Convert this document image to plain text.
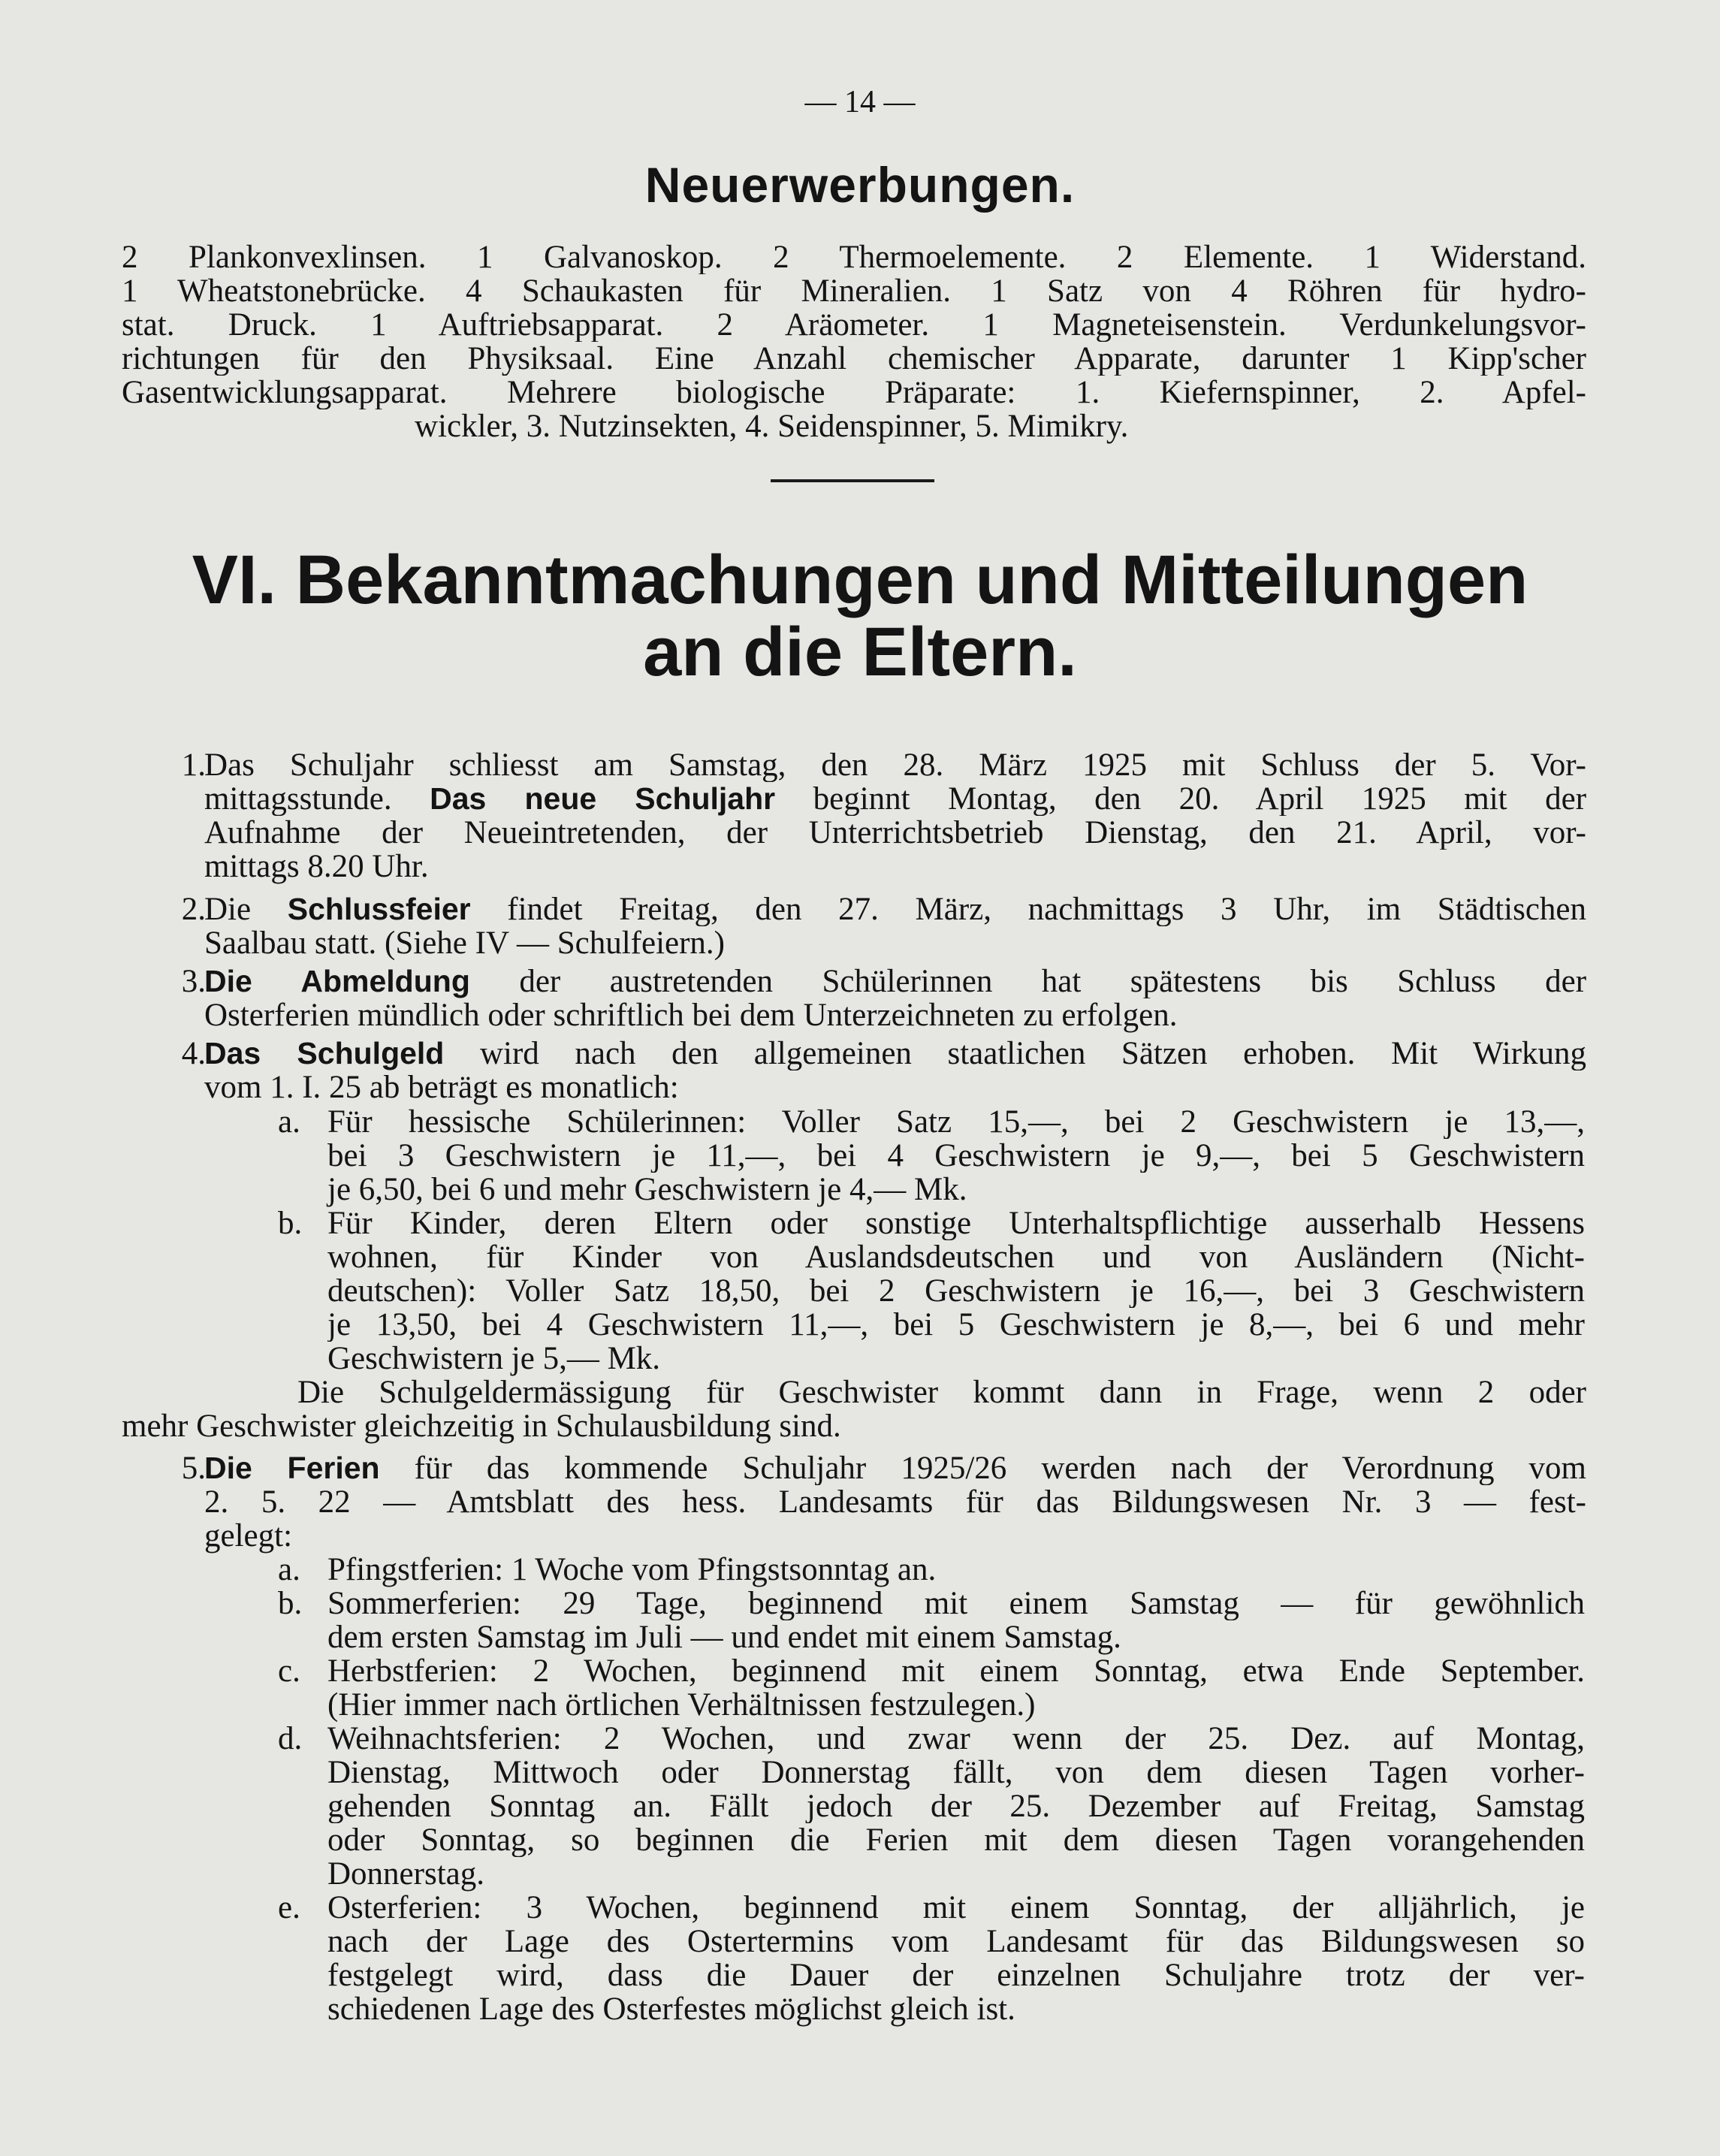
— 14 —
Neuerwerbungen.
2 Plankonvexlinsen. 1 Galvanoskop. 2 Thermoelemente. 2 Elemente. 1 Widerstand.
1 Wheatstonebrücke. 4 Schaukasten für Mineralien. 1 Satz von 4 Röhren für hydro-
stat. Druck. 1 Auftriebsapparat. 2 Aräometer. 1 Magneteisenstein. Verdunkelungsvor-
richtungen für den Physiksaal. Eine Anzahl chemischer Apparate, darunter 1 Kipp'scher
Gasentwicklungsapparat. Mehrere biologische Präparate: 1. Kiefernspinner, 2. Apfel-
wickler, 3. Nutzinsekten, 4. Seidenspinner, 5. Mimikry.
VI. Bekanntmachungen und Mitteilungen
an die Eltern.
1.
Das Schuljahr schliesst am Samstag, den 28. März 1925 mit Schluss der 5. Vor-
mittagsstunde. Das neue Schuljahr beginnt Montag, den 20. April 1925 mit der
Aufnahme der Neueintretenden, der Unterrichtsbetrieb Dienstag, den 21. April, vor-
mittags 8.20 Uhr.
2.
Die Schlussfeier findet Freitag, den 27. März, nachmittags 3 Uhr, im Städtischen
Saalbau statt. (Siehe IV — Schulfeiern.)
3.
Die Abmeldung der austretenden Schülerinnen hat spätestens bis Schluss der
Osterferien mündlich oder schriftlich bei dem Unterzeichneten zu erfolgen.
4.
Das Schulgeld wird nach den allgemeinen staatlichen Sätzen erhoben. Mit Wirkung
vom 1. I. 25 ab beträgt es monatlich:
a. Für hessische Schülerinnen: Voller Satz 15,—, bei 2 Geschwistern je 13,—,
bei 3 Geschwistern je 11,—, bei 4 Geschwistern je 9,—, bei 5 Geschwistern
je 6,50, bei 6 und mehr Geschwistern je 4,— Mk.
b. Für Kinder, deren Eltern oder sonstige Unterhaltspflichtige ausserhalb Hessens
wohnen, für Kinder von Auslandsdeutschen und von Ausländern (Nicht-
deutschen): Voller Satz 18,50, bei 2 Geschwistern je 16,—, bei 3 Geschwistern
je 13,50, bei 4 Geschwistern 11,—, bei 5 Geschwistern je 8,—, bei 6 und mehr
Geschwistern je 5,— Mk.
Die Schulgeldermässigung für Geschwister kommt dann in Frage, wenn 2 oder
mehr Geschwister gleichzeitig in Schulausbildung sind.
5.
Die Ferien für das kommende Schuljahr 1925/26 werden nach der Verordnung vom
2. 5. 22 — Amtsblatt des hess. Landesamts für das Bildungswesen Nr. 3 — fest-
gelegt:
a. Pfingstferien: 1 Woche vom Pfingstsonntag an.
b. Sommerferien: 29 Tage, beginnend mit einem Samstag — für gewöhnlich
dem ersten Samstag im Juli — und endet mit einem Samstag.
c. Herbstferien: 2 Wochen, beginnend mit einem Sonntag, etwa Ende September.
(Hier immer nach örtlichen Verhältnissen festzulegen.)
d. Weihnachtsferien: 2 Wochen, und zwar wenn der 25. Dez. auf Montag,
Dienstag, Mittwoch oder Donnerstag fällt, von dem diesen Tagen vorher-
gehenden Sonntag an. Fällt jedoch der 25. Dezember auf Freitag, Samstag
oder Sonntag, so beginnen die Ferien mit dem diesen Tagen vorangehenden
Donnerstag.
e. Osterferien: 3 Wochen, beginnend mit einem Sonntag, der alljährlich, je
nach der Lage des Ostertermins vom Landesamt für das Bildungswesen so
festgelegt wird, dass die Dauer der einzelnen Schuljahre trotz der ver-
schiedenen Lage des Osterfestes möglichst gleich ist.
